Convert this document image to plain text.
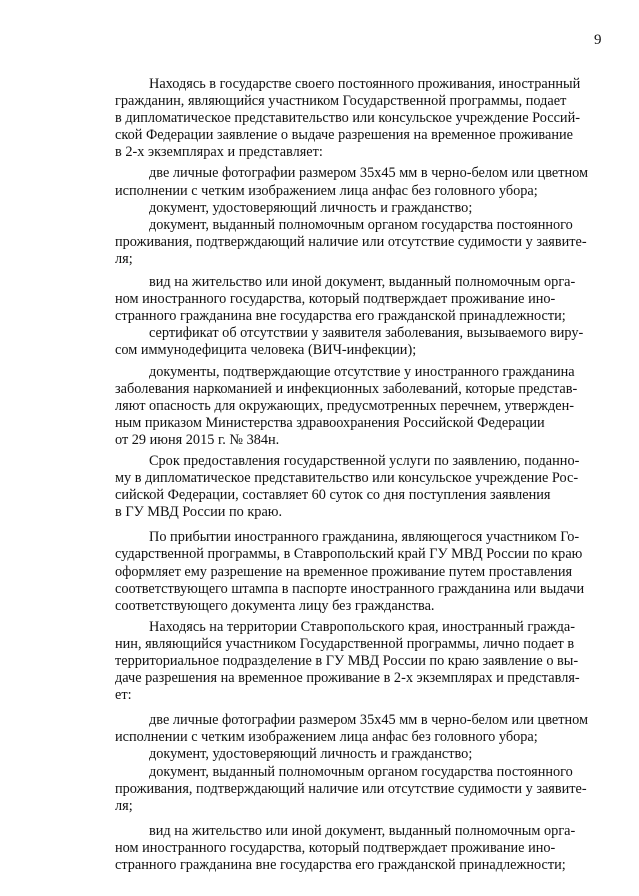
9

Находясь в государстве своего постоянного проживания, иностранный
гражданин, являющийся участником Государственной программы, подает
в дипломатическое представительство или консульское учреждение Россий-
ской Федерации заявление о выдаче разрешения на временное проживание
в 2-х экземплярах и представляет:

две личные фотографии размером 35х45 мм в черно-белом или цветном
исполнении с четким изображением лица анфас без головного убора;

документ, удостоверяющий личность и гражданство;

документ, выданный полномочным органом государства постоянного
проживания, подтверждающий наличие или отсутствие судимости у заявите-
ля;

вид на жительство или иной документ, выданный полномочным орга-
ном иностранного государства, который подтверждает проживание ино-
странного гражданина вне государства его гражданской принадлежности;

сертификат об отсутствии у заявителя заболевания, вызываемого виру-
сом иммунодефицита человека (ВИЧ-инфекции);

документы, подтверждающие отсутствие у иностранного гражданина
заболевания наркоманией и инфекционных заболеваний, которые представ-
ляют опасность для окружающих, предусмотренных перечнем, утвержден-
ным приказом Министерства здравоохранения Российской Федерации
от 29 июня 2015 г. № 384н.

Срок предоставления государственной услуги по заявлению, поданно-
му в дипломатическое представительство или консульское учреждение Рос-
сийской Федерации, составляет 60 суток со дня поступления заявления
в ГУ МВД России по краю.

По прибытии иностранного гражданина, являющегося участником Го-
сударственной программы, в Ставропольский край ГУ МВД России по краю
оформляет ему разрешение на временное проживание путем проставления
соответствующего штампа в паспорте иностранного гражданина или выдачи
соответствующего документа лицу без гражданства.

Находясь на территории Ставропольского края, иностранный гражда-
нин, являющийся участником Государственной программы, лично подает в
территориальное подразделение в ГУ МВД России по краю заявление о вы-
даче разрешения на временное проживание в 2-х экземплярах и представля-
ет:

две личные фотографии размером 35х45 мм в черно-белом или цветном
исполнении с четким изображением лица анфас без головного убора;

документ, удостоверяющий личность и гражданство;

документ, выданный полномочным органом государства постоянного
проживания, подтверждающий наличие или отсутствие судимости у заявите-
ля;

вид на жительство или иной документ, выданный полномочным орга-
ном иностранного государства, который подтверждает проживание ино-
странного гражданина вне государства его гражданской принадлежности;
